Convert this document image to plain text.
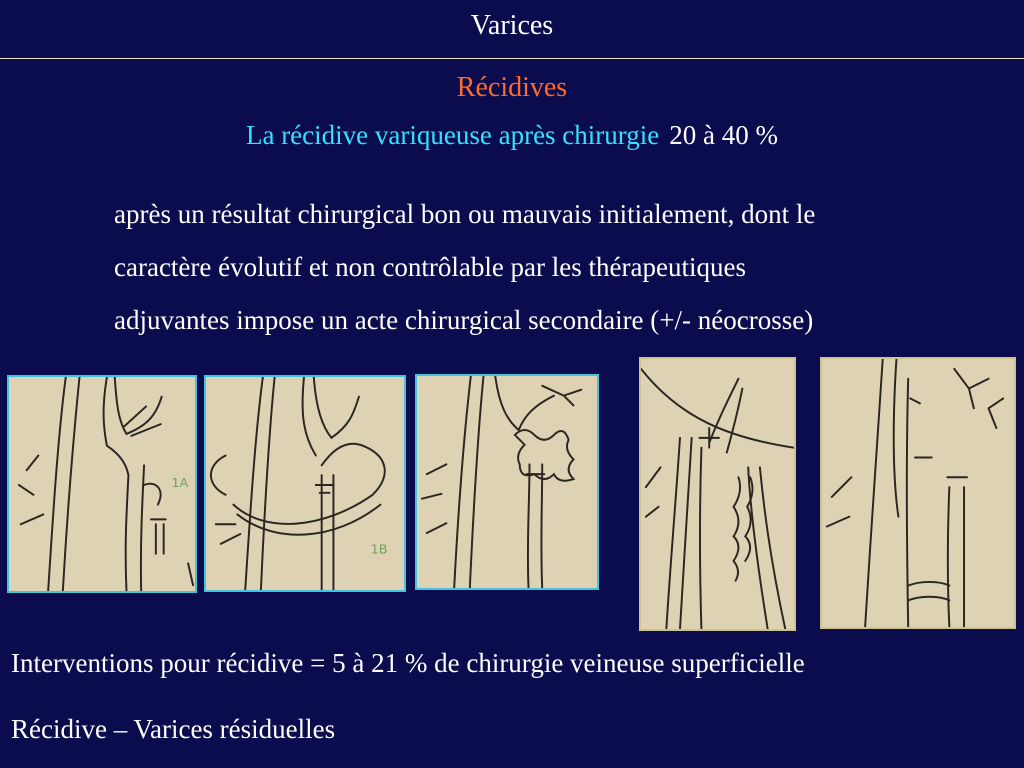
Varices
Récidives
La récidive variqueuse après chirurgie 20 à 40 %
après un résultat chirurgical bon ou mauvais initialement, dont le
caractère évolutif et non contrôlable par les thérapeutiques
adjuvantes impose un acte chirurgical secondaire (+/- néocrosse)
1A
1B
Interventions pour récidive = 5 à 21 % de chirurgie veineuse superficielle
Récidive – Varices résiduelles
